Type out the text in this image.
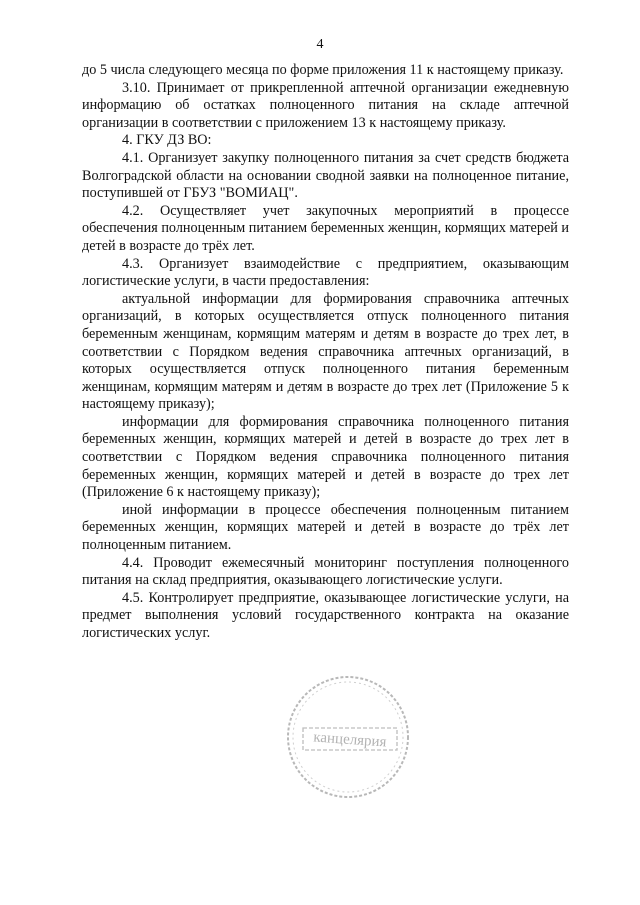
4

до 5 числа следующего месяца по форме приложения 11 к настоящему приказу.

3.10. Принимает от прикрепленной аптечной организации ежедневную информацию об остатках полноценного питания на складе аптечной организации в соответствии с приложением 13 к настоящему приказу.

4. ГКУ ДЗ ВО:

4.1. Организует закупку полноценного питания за счет средств бюджета Волгоградской области на основании сводной заявки на полноценное питание, поступившей от ГБУЗ "ВОМИАЦ".

4.2. Осуществляет учет закупочных мероприятий в процессе обеспечения полноценным питанием беременных женщин, кормящих матерей и детей в возрасте до трёх лет.

4.3. Организует взаимодействие с предприятием, оказывающим логистические услуги, в части предоставления:

актуальной информации для формирования справочника аптечных организаций, в которых осуществляется отпуск полноценного питания беременным женщинам, кормящим матерям и детям в возрасте до трех лет, в соответствии с Порядком ведения справочника аптечных организаций, в которых осуществляется отпуск полноценного питания беременным женщинам, кормящим матерям и детям в возрасте до трех лет (Приложение 5 к настоящему приказу);

информации для формирования справочника полноценного питания беременных женщин, кормящих матерей и детей в возрасте до трех лет в соответствии с Порядком ведения справочника полноценного питания беременных женщин, кормящих матерей и детей в возрасте до трех лет (Приложение 6 к настоящему приказу);

иной информации в процессе обеспечения полноценным питанием беременных женщин, кормящих матерей и детей в возрасте до трёх лет полноценным питанием.

4.4. Проводит ежемесячный мониторинг поступления полноценного питания на склад предприятия, оказывающего логистические услуги.

4.5. Контролирует предприятие, оказывающее логистические услуги, на предмет выполнения условий государственного контракта на оказание логистических услуг.

канцелярия
